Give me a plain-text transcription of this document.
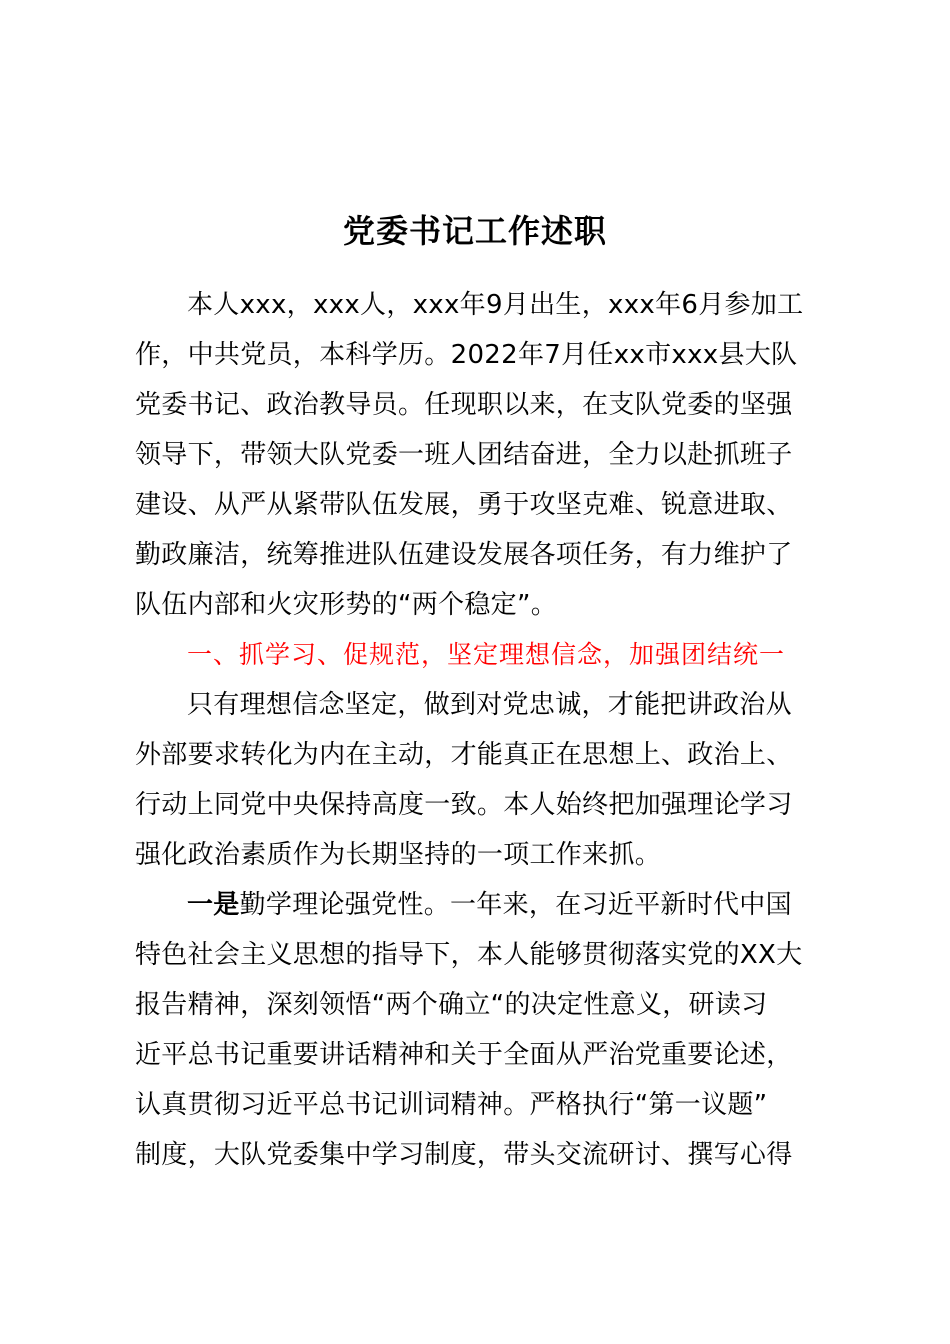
党委书记工作述职
本人xxx，xxx人，xxx年9月出生，xxx年6月参加工
作，中共党员，本科学历。2022年7月任xx市xxx县大队
党委书记、政治教导员。任现职以来，在支队党委的坚强
领导下，带领大队党委一班人团结奋进，全力以赴抓班子
建设、从严从紧带队伍发展，勇于攻坚克难、锐意进取、
勤政廉洁，统筹推进队伍建设发展各项任务，有力维护了
队伍内部和火灾形势的“两个稳定”。
一、抓学习、促规范，坚定理想信念，加强团结统一
只有理想信念坚定，做到对党忠诚，才能把讲政治从
外部要求转化为内在主动，才能真正在思想上、政治上、
行动上同党中央保持高度一致。本人始终把加强理论学习
强化政治素质作为长期坚持的一项工作来抓。
一是勤学理论强党性。一年来，在习近平新时代中国
特色社会主义思想的指导下，本人能够贯彻落实党的XX大
报告精神，深刻领悟“两个确立“的决定性意义，研读习
近平总书记重要讲话精神和关于全面从严治党重要论述，
认真贯彻习近平总书记训词精神。严格执行“第一议题”
制度，大队党委集中学习制度，带头交流研讨、撰写心得
